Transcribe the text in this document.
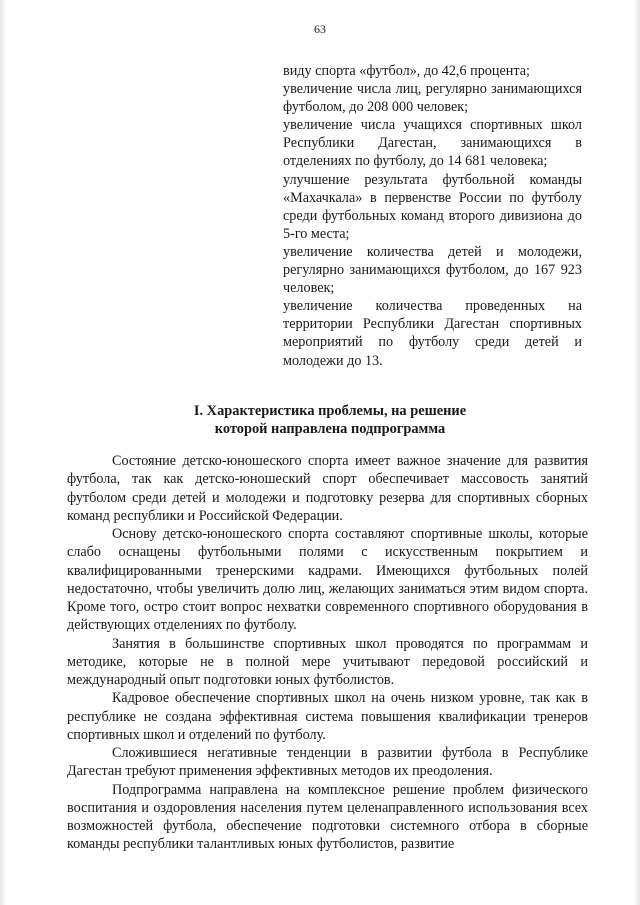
63

виду спорта «футбол», до 42,6 процента;

увеличение числа лиц, регулярно занимающихся футболом, до 208 000 человек;

увеличение числа учащихся спортивных школ Республики Дагестан, занимающихся в отделениях по футболу, до 14 681 человека;

улучшение результата футбольной команды «Махачкала» в первенстве России по футболу среди футбольных команд второго дивизиона до 5-го места;

увеличение количества детей и молодежи, регулярно занимающихся футболом, до 167 923 человек;

увеличение количества проведенных на территории Республики Дагестан спортивных мероприятий по футболу среди детей и молодежи до 13.

I. Характеристика проблемы, на решение
которой направлена подпрограмма

Состояние детско-юношеского спорта имеет важное значение для развития футбола, так как детско-юношеский спорт обеспечивает массовость занятий футболом среди детей и молодежи и подготовку резерва для спортивных сборных команд республики и Российской Федерации.

Основу детско-юношеского спорта составляют спортивные школы, которые слабо оснащены футбольными полями с искусственным покрытием и квалифицированными тренерскими кадрами. Имеющихся футбольных полей недостаточно, чтобы увеличить долю лиц, желающих заниматься этим видом спорта. Кроме того, остро стоит вопрос нехватки современного спортивного оборудования в действующих отделениях по футболу.

Занятия в большинстве спортивных школ проводятся по программам и методике, которые не в полной мере учитывают передовой российский и международный опыт подготовки юных футболистов.

Кадровое обеспечение спортивных школ на очень низком уровне, так как в республике не создана эффективная система повышения квалификации тренеров спортивных школ и отделений по футболу.

Сложившиеся негативные тенденции в развитии футбола в Республике Дагестан требуют применения эффективных методов их преодоления.

Подпрограмма направлена на комплексное решение проблем физического воспитания и оздоровления населения путем целенаправленного использования всех возможностей футбола, обеспечение подготовки системного отбора в сборные команды республики талантливых юных футболистов, развитие
